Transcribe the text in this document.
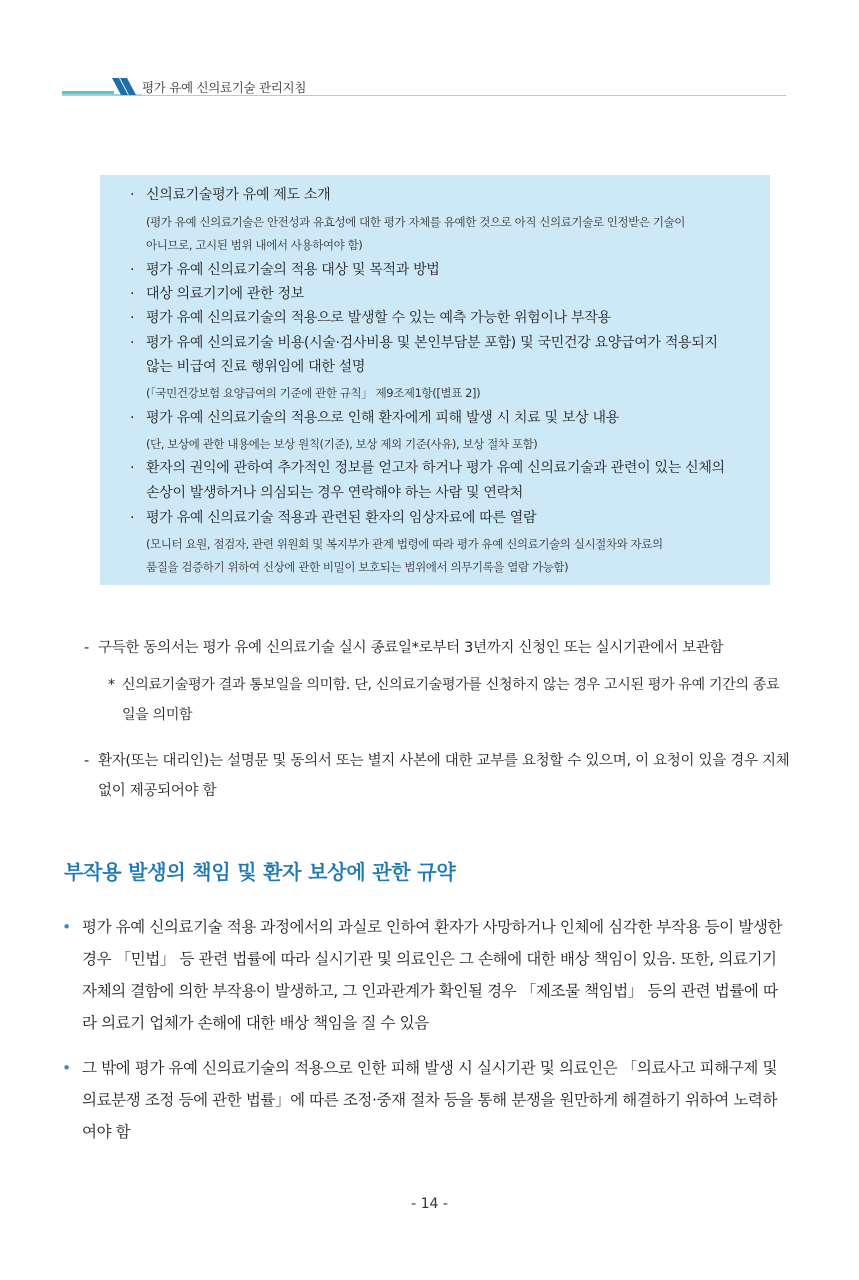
평가 유예 신의료기술 관리지침
· 신의료기술평가 유예 제도 소개
(평가 유예 신의료기술은 안전성과 유효성에 대한 평가 자체를 유예한 것으로 아직 신의료기술로 인정받은 기술이
아니므로, 고시된 범위 내에서 사용하여야 함)
· 평가 유예 신의료기술의 적용 대상 및 목적과 방법
· 대상 의료기기에 관한 정보
· 평가 유예 신의료기술의 적용으로 발생할 수 있는 예측 가능한 위험이나 부작용
· 평가 유예 신의료기술 비용(시술·검사비용 및 본인부담분 포함) 및 국민건강 요양급여가 적용되지
않는 비급여 진료 행위임에 대한 설명
(「국민건강보험 요양급여의 기준에 관한 규칙」 제9조제1항([별표 2])
· 평가 유예 신의료기술의 적용으로 인해 환자에게 피해 발생 시 치료 및 보상 내용
(단, 보상에 관한 내용에는 보상 원칙(기준), 보상 제외 기준(사유), 보상 절차 포함)
· 환자의 권익에 관하여 추가적인 정보를 얻고자 하거나 평가 유예 신의료기술과 관련이 있는 신체의
손상이 발생하거나 의심되는 경우 연락해야 하는 사람 및 연락처
· 평가 유예 신의료기술 적용과 관련된 환자의 임상자료에 따른 열람
(모니터 요원, 점검자, 관련 위원회 및 복지부가 관계 법령에 따라 평가 유예 신의료기술의 실시절차와 자료의
품질을 검증하기 위하여 신상에 관한 비밀이 보호되는 범위에서 의무기록을 열람 가능함)
- 구득한 동의서는 평가 유예 신의료기술 실시 종료일*로부터 3년까지 신청인 또는 실시기관에서 보관함
* 신의료기술평가 결과 통보일을 의미함. 단, 신의료기술평가를 신청하지 않는 경우 고시된 평가 유예 기간의 종료일을 의미함
- 환자(또는 대리인)는 설명문 및 동의서 또는 별지 사본에 대한 교부를 요청할 수 있으며, 이 요청이 있을 경우 지체 없이 제공되어야 함
부작용 발생의 책임 및 환자 보상에 관한 규약
• 평가 유예 신의료기술 적용 과정에서의 과실로 인하여 환자가 사망하거나 인체에 심각한 부작용 등이 발생한 경우 「민법」 등 관련 법률에 따라 실시기관 및 의료인은 그 손해에 대한 배상 책임이 있음. 또한, 의료기기 자체의 결함에 의한 부작용이 발생하고, 그 인과관계가 확인될 경우 「제조물 책임법」 등의 관련 법률에 따라 의료기 업체가 손해에 대한 배상 책임을 질 수 있음
• 그 밖에 평가 유예 신의료기술의 적용으로 인한 피해 발생 시 실시기관 및 의료인은 「의료사고 피해구제 및 의료분쟁 조정 등에 관한 법률」에 따른 조정·중재 절차 등을 통해 분쟁을 원만하게 해결하기 위하여 노력하여야 함
- 14 -
